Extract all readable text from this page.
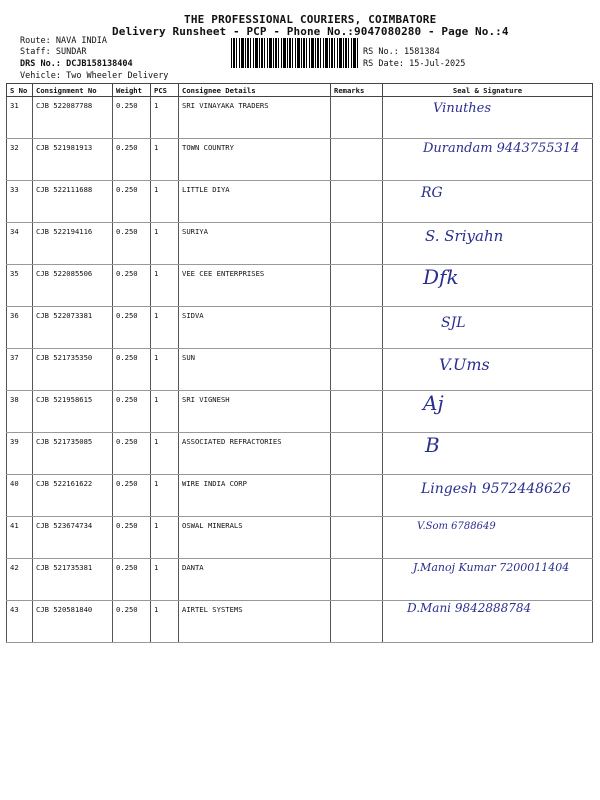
THE PROFESSIONAL COURIERS, COIMBATORE
Delivery Runsheet - PCP - Phone No.:9047080280 - Page No.:4
Route: NAVA INDIA
Staff: SUNDAR
DRS No.: DCJB158138404
Vehicle: Two Wheeler Delivery
RS No.: 1581384
RS Date: 15-Jul-2025
S No	Consignment No	Weight	PCS	Consignee Details	Remarks	Seal & Signature
31	CJB 522087788	0.250	1	SRI VINAYAKA TRADERS		Vinuthes

32	CJB 521981913	0.250	1	TOWN COUNTRY		Durandam 9443755314

33	CJB 522111688	0.250	1	LITTLE DIYA		RG

34	CJB 522194116	0.250	1	SURIYA		S. Sriyahn

35	CJB 522085506	0.250	1	VEE CEE ENTERPRISES		Dfk

36	CJB 522073381	0.250	1	SIDVA		SJL

37	CJB 521735350	0.250	1	SUN		V.Ums

38	CJB 521958615	0.250	1	SRI VIGNESH		Aj

39	CJB 521735085	0.250	1	ASSOCIATED REFRACTORIES		B

40	CJB 522161622	0.250	1	WIRE INDIA CORP		Lingesh 9572448626

41	CJB 523674734	0.250	1	OSWAL MINERALS		V.Som 6788649

42	CJB 521735381	0.250	1	DANTA		J.Manoj Kumar 7200011404

43	CJB 520581840	0.250	1	AIRTEL SYSTEMS		D.Mani 9842888784
